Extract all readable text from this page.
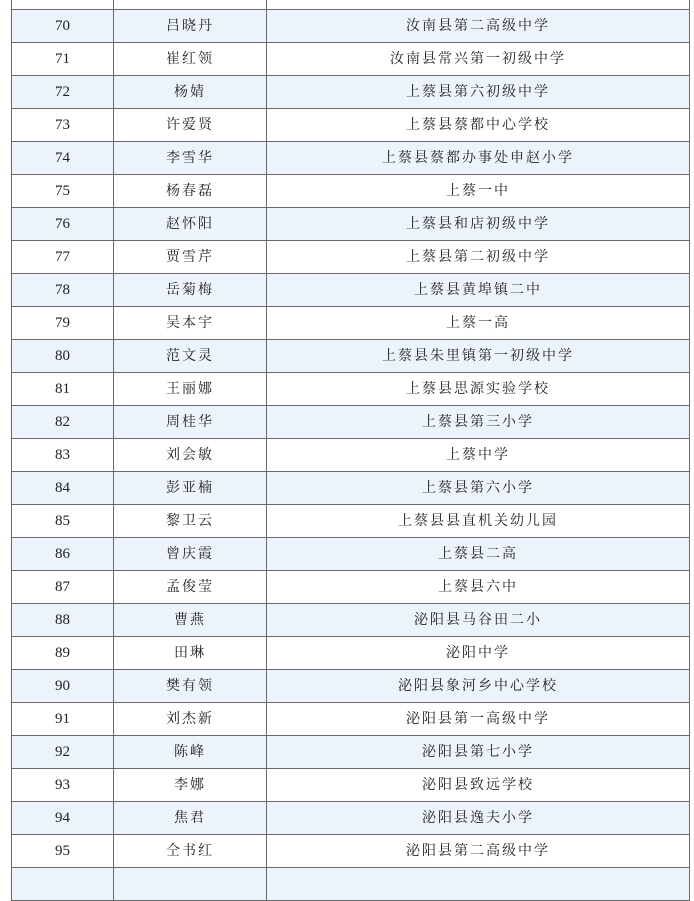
70	吕晓丹	汝南县第二高级中学
71	崔红领	汝南县常兴第一初级中学
72	杨婧	上蔡县第六初级中学
73	许爱贤	上蔡县蔡都中心学校
74	李雪华	上蔡县蔡都办事处申赵小学
75	杨春磊	上蔡一中
76	赵怀阳	上蔡县和店初级中学
77	贾雪芹	上蔡县第二初级中学
78	岳菊梅	上蔡县黄埠镇二中
79	吴本宇	上蔡一高
80	范文灵	上蔡县朱里镇第一初级中学
81	王丽娜	上蔡县思源实验学校
82	周桂华	上蔡县第三小学
83	刘会敏	上蔡中学
84	彭亚楠	上蔡县第六小学
85	黎卫云	上蔡县县直机关幼儿园
86	曾庆霞	上蔡县二高
87	孟俊莹	上蔡县六中
88	曹燕	泌阳县马谷田二小
89	田琳	泌阳中学
90	樊有领	泌阳县象河乡中心学校
91	刘杰新	泌阳县第一高级中学
92	陈峰	泌阳县第七小学
93	李娜	泌阳县致远学校
94	焦君	泌阳县逸夫小学
95	仝书红	泌阳县第二高级中学
